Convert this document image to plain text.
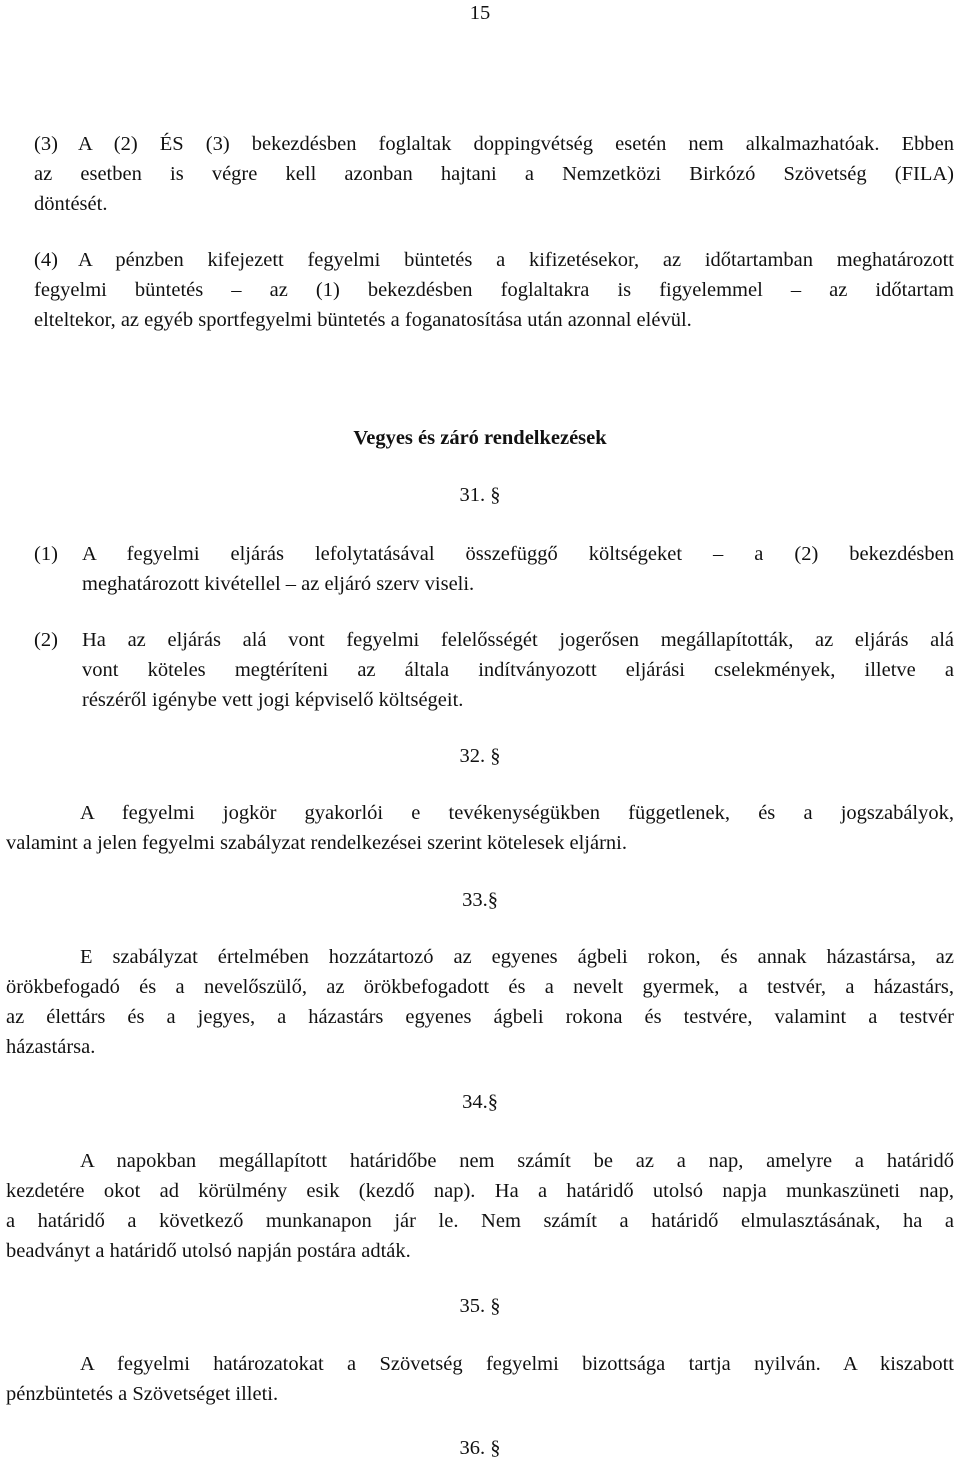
15
(3) A (2) ÉS (3) bekezdésben foglaltak doppingvétség esetén nem alkalmazhatóak. Ebben
az esetben is végre kell azonban hajtani a Nemzetközi Birkózó Szövetség (FILA)
döntését.
(4) A pénzben kifejezett fegyelmi büntetés a kifizetésekor, az időtartamban meghatározott
fegyelmi büntetés – az (1) bekezdésben foglaltakra is figyelemmel – az időtartam
elteltekor, az egyéb sportfegyelmi büntetés a foganatosítása után azonnal elévül.
Vegyes és záró rendelkezések
31. §
(1) A fegyelmi eljárás lefolytatásával összefüggő költségeket – a (2) bekezdésben
meghatározott kivétellel – az eljáró szerv viseli.
(2) Ha az eljárás alá vont fegyelmi felelősségét jogerősen megállapították, az eljárás alá
vont köteles megtéríteni az általa indítványozott eljárási cselekmények, illetve a
részéről igénybe vett jogi képviselő költségeit.
32. §
A fegyelmi jogkör gyakorlói e tevékenységükben függetlenek, és a jogszabályok,
valamint a jelen fegyelmi szabályzat rendelkezései szerint kötelesek eljárni.
33.§
E szabályzat értelmében hozzátartozó az egyenes ágbeli rokon, és annak házastársa, az
örökbefogadó és a nevelőszülő, az örökbefogadott és a nevelt gyermek, a testvér, a házastárs,
az élettárs és a jegyes, a házastárs egyenes ágbeli rokona és testvére, valamint a testvér
házastársa.
34.§
A napokban megállapított határidőbe nem számít be az a nap, amelyre a határidő
kezdetére okot ad körülmény esik (kezdő nap). Ha a határidő utolsó napja munkaszüneti nap,
a határidő a következő munkanapon jár le. Nem számít a határidő elmulasztásának, ha a
beadványt a határidő utolsó napján postára adták.
35. §
A fegyelmi határozatokat a Szövetség fegyelmi bizottsága tartja nyilván. A kiszabott
pénzbüntetés a Szövetséget illeti.
36. §
